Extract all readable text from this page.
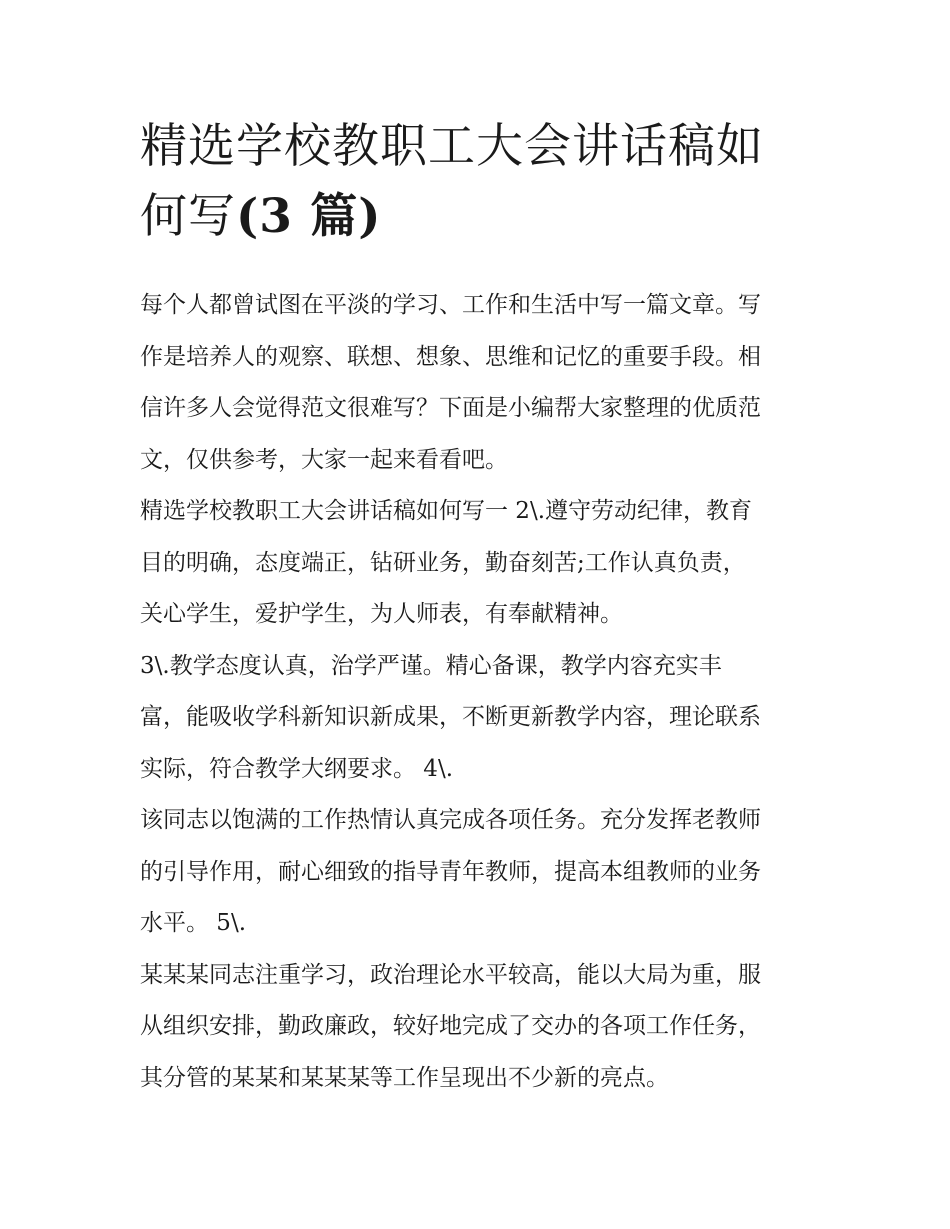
精选学校教职工大会讲话稿如
何写(3 篇)
每个人都曾试图在平淡的学习、工作和生活中写一篇文章。写
作是培养人的观察、联想、想象、思维和记忆的重要手段。相
信许多人会觉得范文很难写？下面是小编帮大家整理的优质范
文，仅供参考，大家一起来看看吧。
精选学校教职工大会讲话稿如何写一 2\.遵守劳动纪律，教育
目的明确，态度端正，钻研业务，勤奋刻苦;工作认真负责，
关心学生，爱护学生，为人师表，有奉献精神。
3\.教学态度认真，治学严谨。精心备课，教学内容充实丰
富，能吸收学科新知识新成果，不断更新教学内容，理论联系
实际，符合教学大纲要求。 4\.
该同志以饱满的工作热情认真完成各项任务。充分发挥老教师
的引导作用，耐心细致的指导青年教师，提高本组教师的业务
水平。 5\.
某某某同志注重学习，政治理论水平较高，能以大局为重，服
从组织安排，勤政廉政，较好地完成了交办的各项工作任务，
其分管的某某和某某某等工作呈现出不少新的亮点。
